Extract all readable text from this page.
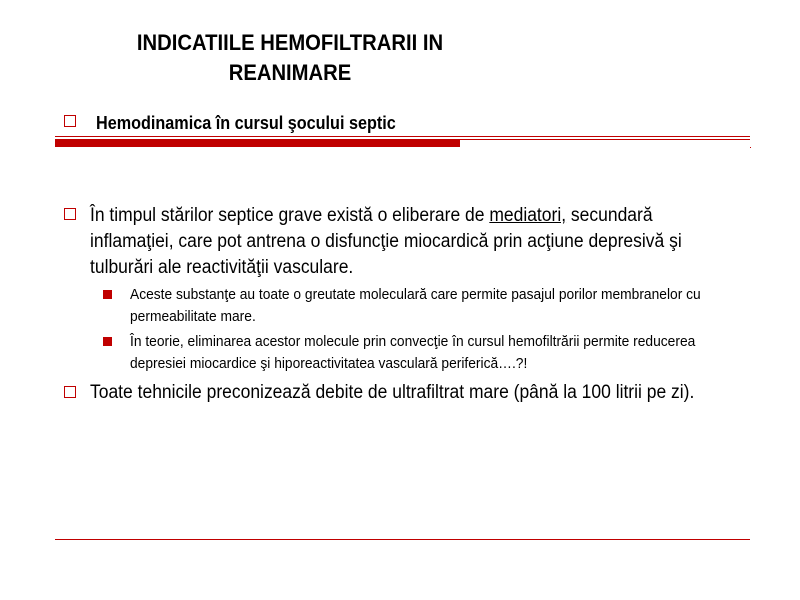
INDICATIILE HEMOFILTRARII IN
REANIMARE
Hemodinamica în cursul şocului septic
În timpul stărilor septice grave există o eliberare de mediatori, secundară inflamaţiei, care pot antrena o disfuncţie miocardică prin acţiune depresivă şi tulburări ale reactivităţii vasculare.
Aceste substanţe au toate o greutate moleculară care permite pasajul porilor membranelor cu permeabilitate mare.
În teorie, eliminarea acestor molecule prin convecţie în cursul hemofiltrării permite reducerea depresiei miocardice şi hiporeactivitatea vasculară periferică….?!
Toate tehnicile preconizează debite de ultrafiltrat mare (până la 100 litrii pe zi).
